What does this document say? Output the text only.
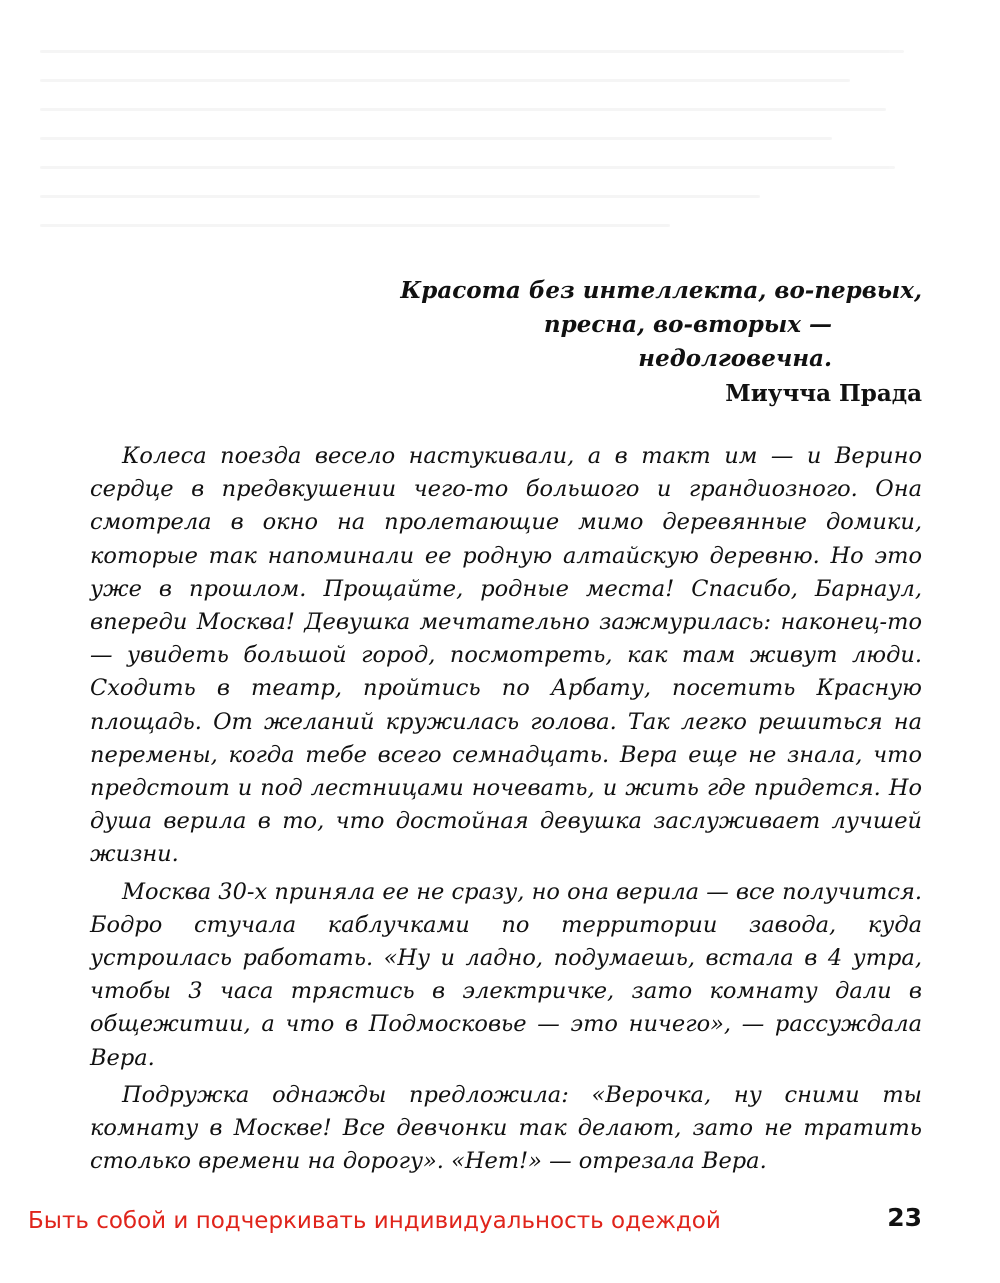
Красота без интеллекта, во-первых,
пресна, во-вторых — недолговечна.
Миучча Прада

Колеса поезда весело настукивали, а в такт им — и Верино сердце в предвкушении чего-то большого и грандиозного. Она смотрела в окно на пролетающие мимо деревянные домики, которые так напоминали ее родную алтайскую деревню. Но это уже в прошлом. Прощайте, родные места! Спасибо, Барнаул, впереди Москва! Девушка мечтательно зажмурилась: наконец-то — увидеть большой город, посмотреть, как там живут люди. Сходить в театр, пройтись по Арбату, посетить Красную площадь. От желаний кружилась голова. Так легко решиться на перемены, когда тебе всего семнадцать. Вера еще не знала, что предстоит и под лестницами ночевать, и жить где придется. Но душа верила в то, что достойная девушка заслуживает лучшей жизни.

Москва 30-х приняла ее не сразу, но она верила — все получится. Бодро стучала каблучками по территории завода, куда устроилась работать. «Ну и ладно, подумаешь, встала в 4 утра, чтобы 3 часа трястись в электричке, зато комнату дали в общежитии, а что в Подмосковье — это ничего», — рассуждала Вера.

Подружка однажды предложила: «Верочка, ну сними ты комнату в Москве! Все девчонки так делают, зато не тратить столько времени на дорогу». «Нет!» — отрезала Вера.

Быть собой и подчеркивать индивидуальность одеждой	23
